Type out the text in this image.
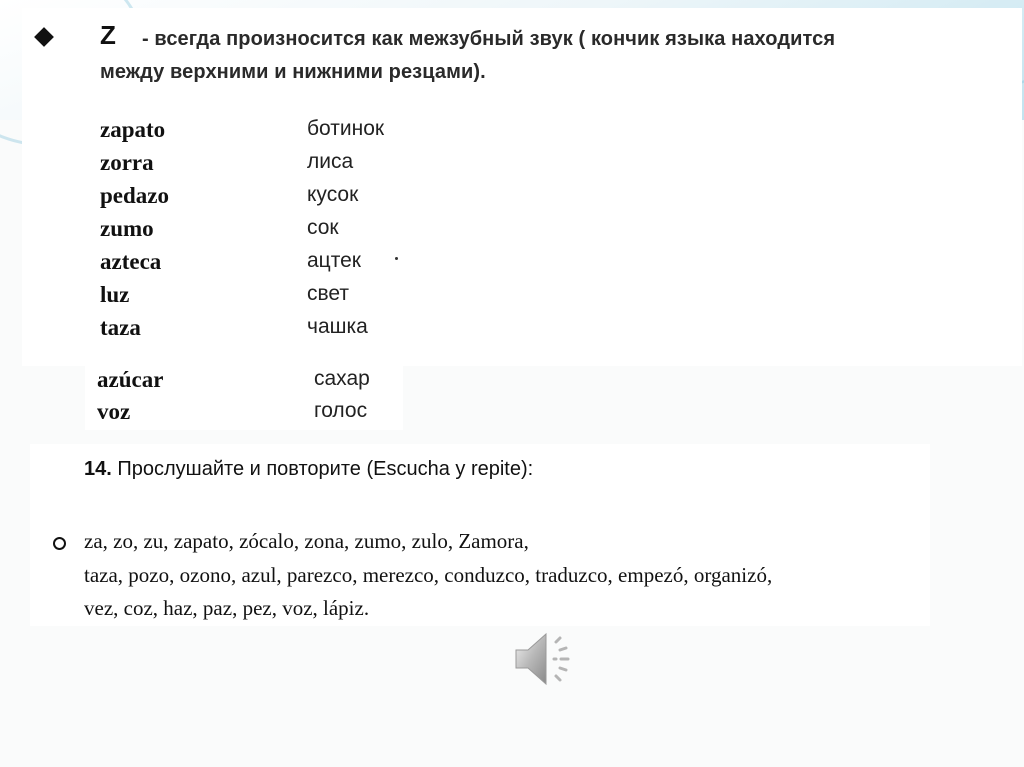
Z - всегда произносится как межзубный звук ( кончик языка находится
между верхними и нижними резцами).
zapato	ботинок
zorra	лиса
pedazo	кусок
zumo	сок
azteca	ацтек
luz	свет
taza	чашка
azúcar	сахар
voz	голос
14. Прослушайте и повторите (Escucha y repite):
za, zo, zu, zapato, zócalo, zona, zumo, zulo, Zamora,
taza, pozo, ozono, azul, parezco, merezco, conduzco, traduzco, empezó, organizó,
vez, coz, haz, paz, pez, voz, lápiz.
